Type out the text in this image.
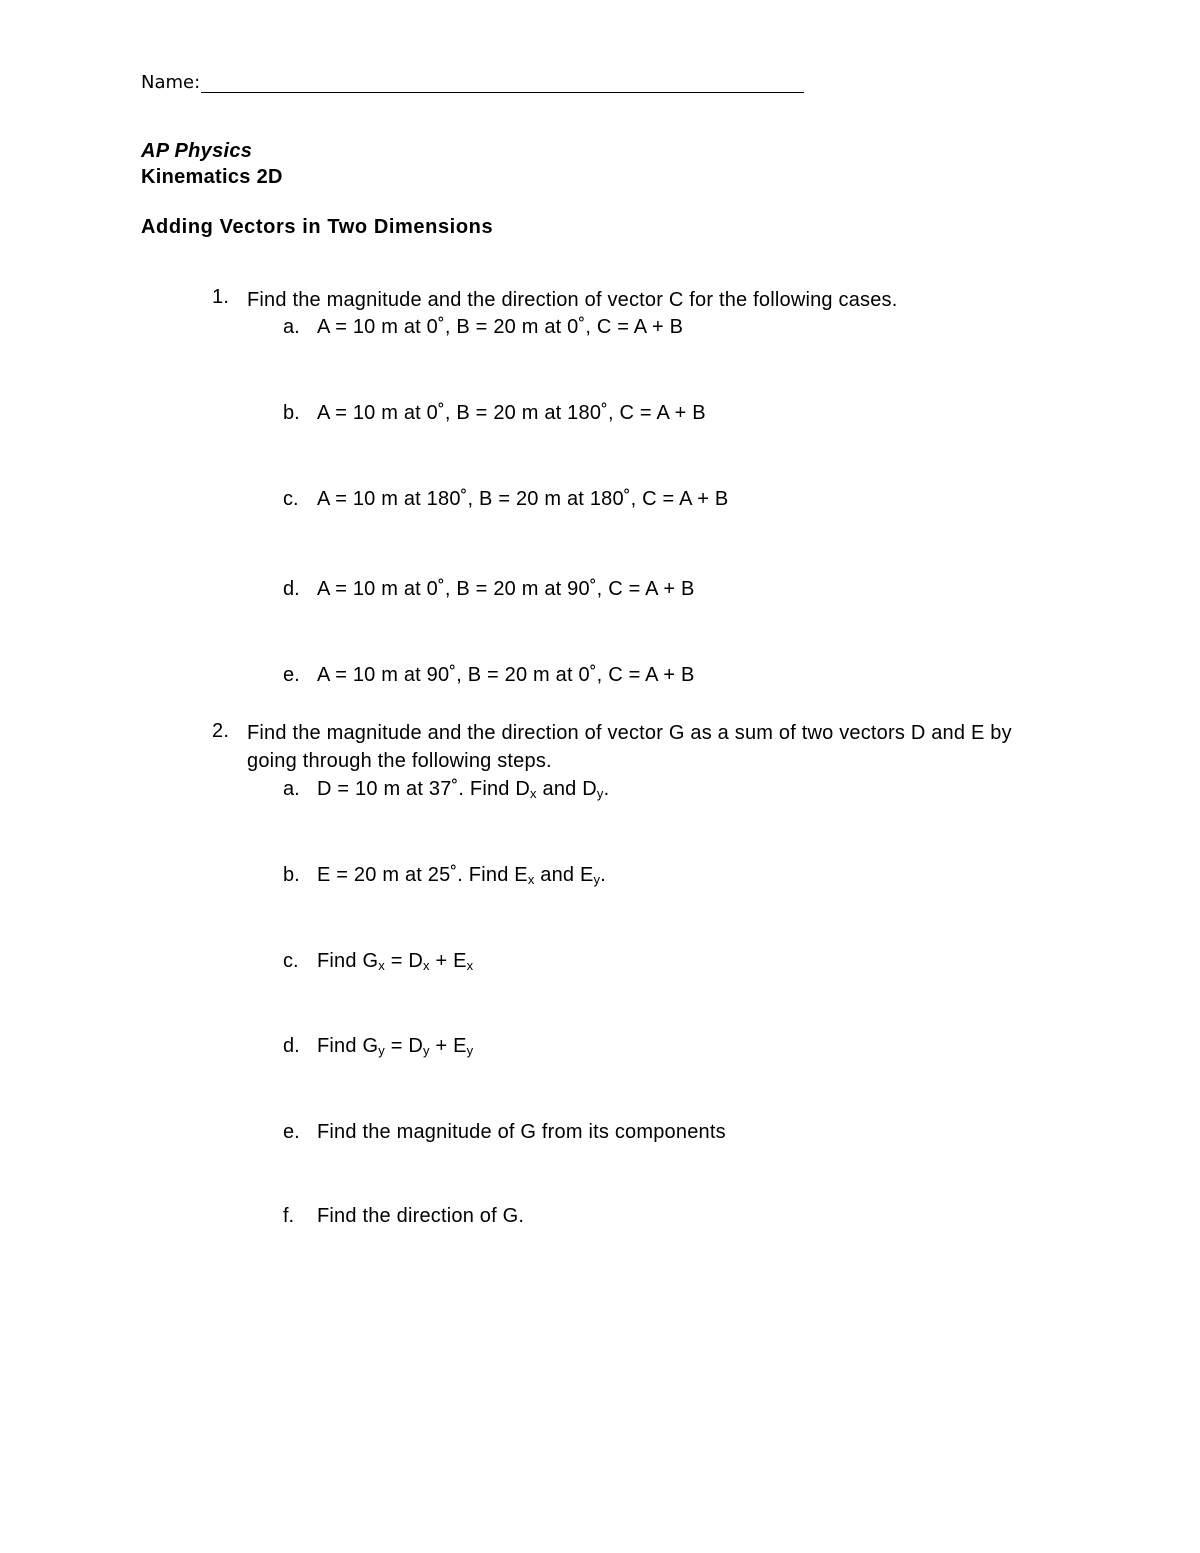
Name:
AP Physics
Kinematics 2D
Adding Vectors in Two Dimensions
1. Find the magnitude and the direction of vector C for the following cases.
a. A = 10 m at 0˚, B = 20 m at 0˚, C = A + B
b. A = 10 m at 0˚, B = 20 m at 180˚, C = A + B
c. A = 10 m at 180˚, B = 20 m at 180˚, C = A + B
d. A = 10 m at 0˚, B = 20 m at 90˚, C = A + B
e. A = 10 m at 90˚, B = 20 m at 0˚, C = A + B
2. Find the magnitude and the direction of vector G as a sum of two vectors D and E by going through the following steps.
a. D = 10 m at 37˚. Find $D_x$ and $D_y$.
b. E = 20 m at 25˚. Find $E_x$ and $E_y$.
c. Find $G_x = D_x + E_x$
d. Find $G_y = D_y + E_y$
e. Find the magnitude of G from its components
f. Find the direction of G.
